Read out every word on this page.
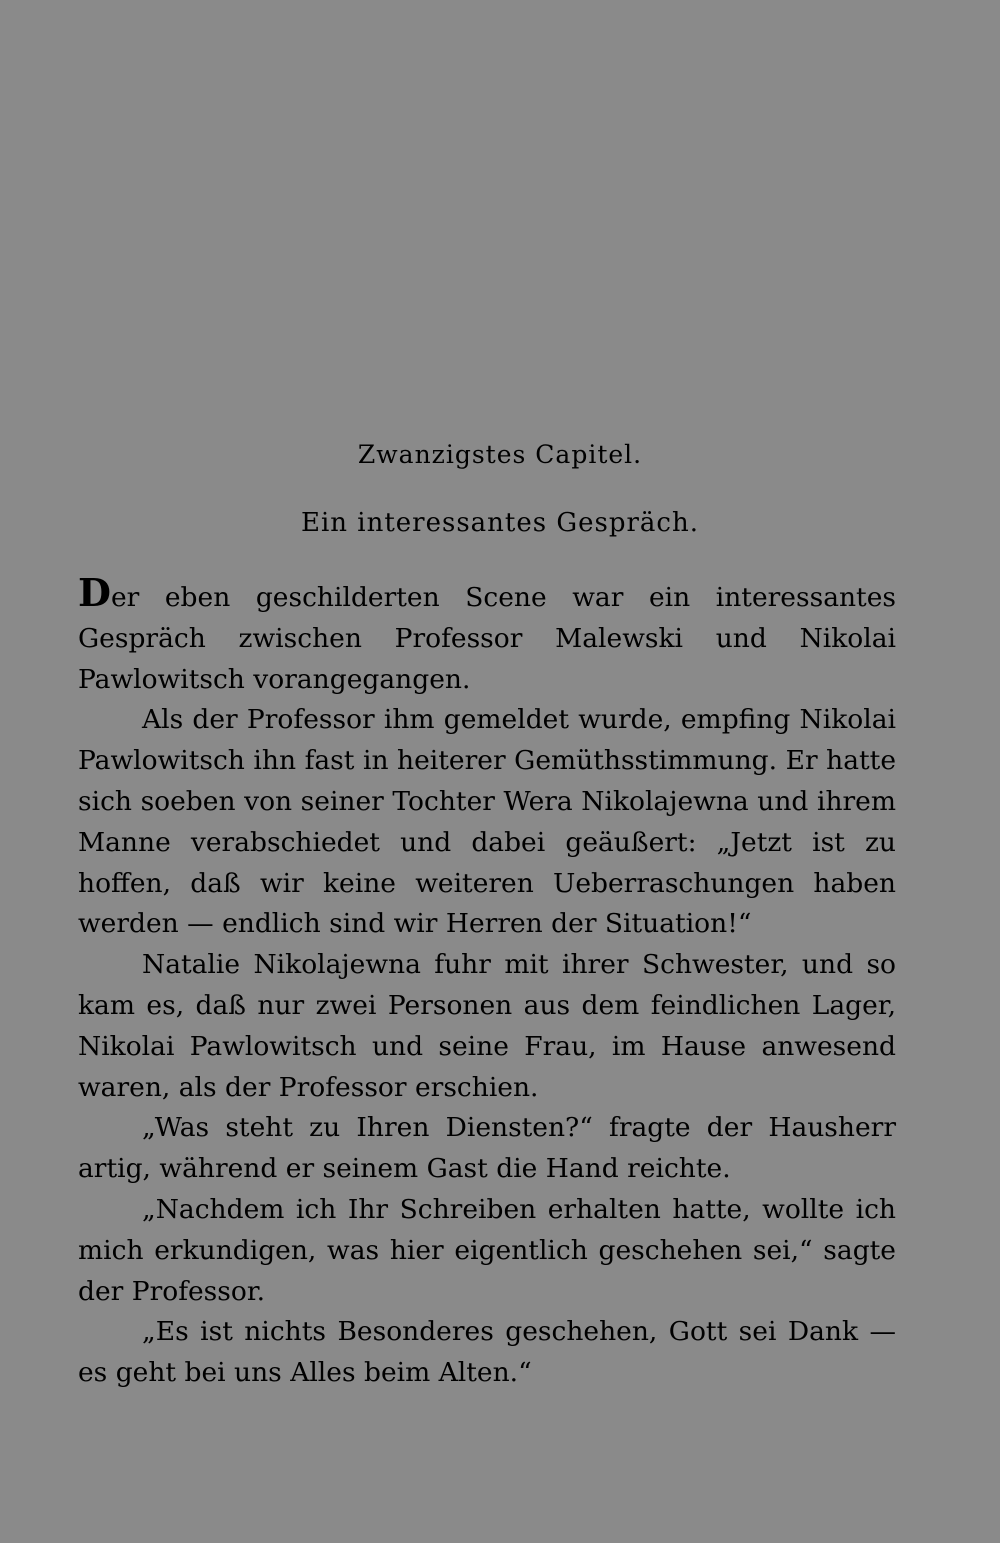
Zwanzigstes Capitel.
Ein interessantes Gespräch.

Der eben geschilderten Scene war ein interessantes Gespräch zwischen Professor Malewski und Nikolai Pawlowitsch vorangegangen.

Als der Professor ihm gemeldet wurde, empfing Nikolai Pawlowitsch ihn fast in heiterer Gemüthsstimmung. Er hatte sich soeben von seiner Tochter Wera Nikolajewna und ihrem Manne verabschiedet und dabei geäußert: „Jetzt ist zu hoffen, daß wir keine weiteren Ueberraschungen haben werden — endlich sind wir Herren der Situation!“

Natalie Nikolajewna fuhr mit ihrer Schwester, und so kam es, daß nur zwei Personen aus dem feindlichen Lager, Nikolai Pawlowitsch und seine Frau, im Hause anwesend waren, als der Professor erschien.

„Was steht zu Ihren Diensten?“ fragte der Hausherr artig, während er seinem Gast die Hand reichte.

„Nachdem ich Ihr Schreiben erhalten hatte, wollte ich mich erkundigen, was hier eigentlich geschehen sei,“ sagte der Professor.

„Es ist nichts Besonderes geschehen, Gott sei Dank — es geht bei uns Alles beim Alten.“
